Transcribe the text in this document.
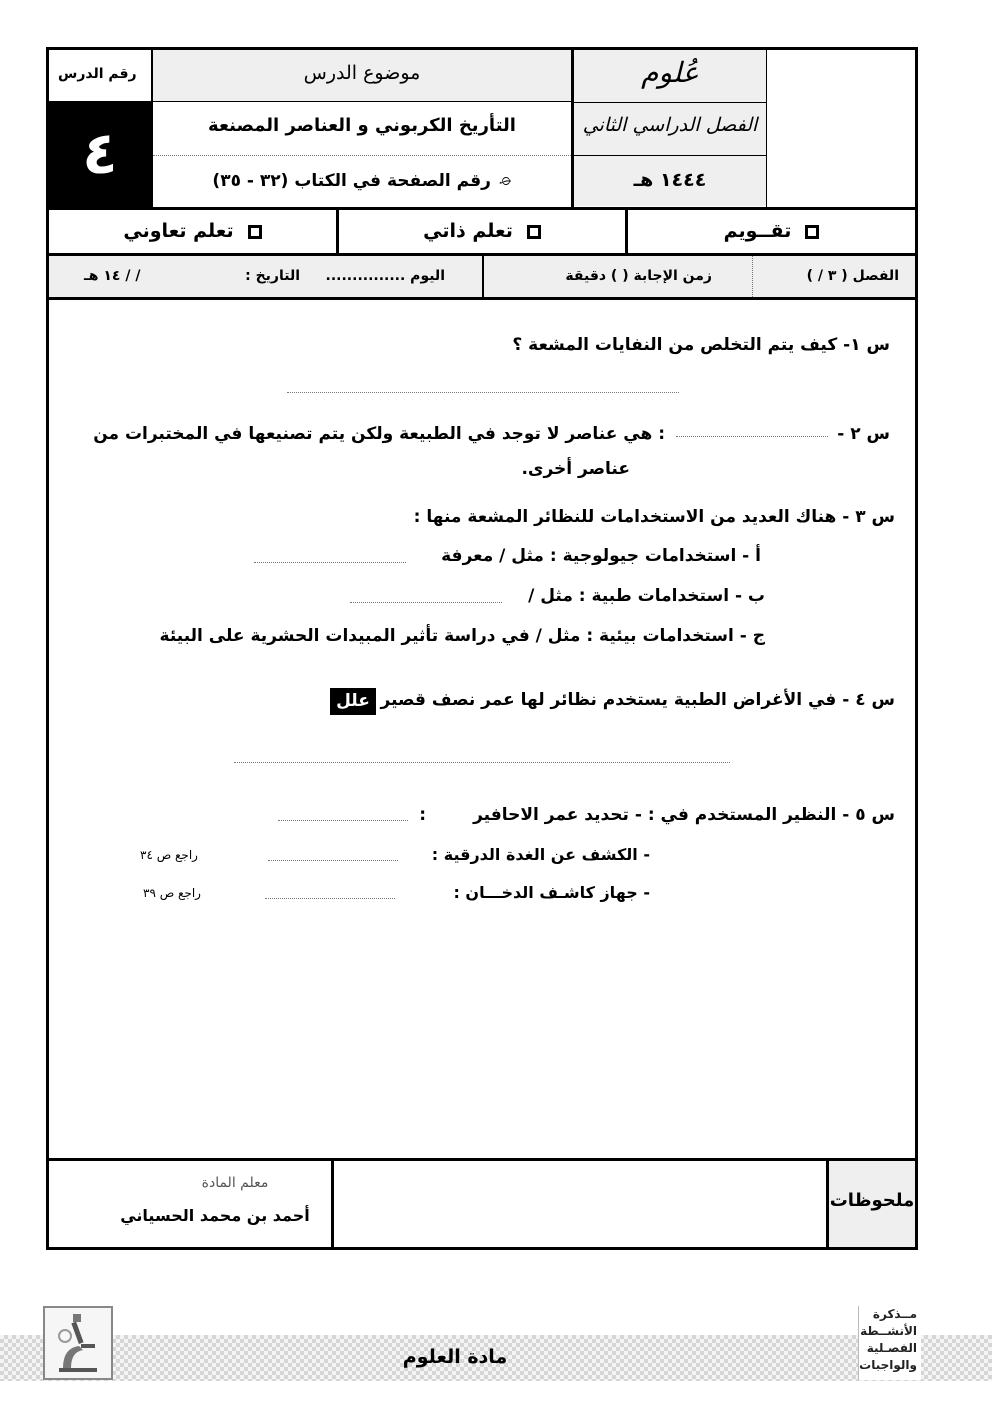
رقم الدرس
٤
موضوع الدرس
التأريخ الكربوني و العناصر المصنعة
⌮رقم الصفحة في الكتاب (٣٢ - ٣٥)
عُلوم
الفصل الدراسي الثاني
١٤٤٤ هـ
تقــويم
تعلم ذاتي
تعلم تعاوني
الفصل ( ٣ / )
زمن الإجابة ( ) دقيقة
اليوم ...............
التاريخ :
/ / ١٤ هـ
س ١- كيف يتم التخلص من النفايات المشعة ؟
س ٢ -
: هي عناصر لا توجد في الطبيعة ولكن يتم تصنيعها في المختبرات من
عناصر أخرى.
س ٣ - هناك العديد من الاستخدامات للنظائر المشعة منها :
أ - استخدامات جيولوجية : مثل / معرفة
ب - استخدامات طبية : مثل /
ج - استخدامات بيئية : مثل / في دراسة تأثير المبيدات الحشرية على البيئة
س ٤ - في الأغراض الطبية يستخدم نظائر لها عمر نصف قصير
علل
س ٥ - النظير المستخدم في : - تحديد عمر الاحافير
:
- الكشف عن الغدة الدرقية :
راجع ص ٣٤
- جهاز كاشـف الدخـــان :
راجع ص ٣٩
ملحوظات
معلم المادة
أحمد بن محمد الحسياني
مادة العلوم
مــذكرة
الأنشــطة
الفصـلية
والواجبات
